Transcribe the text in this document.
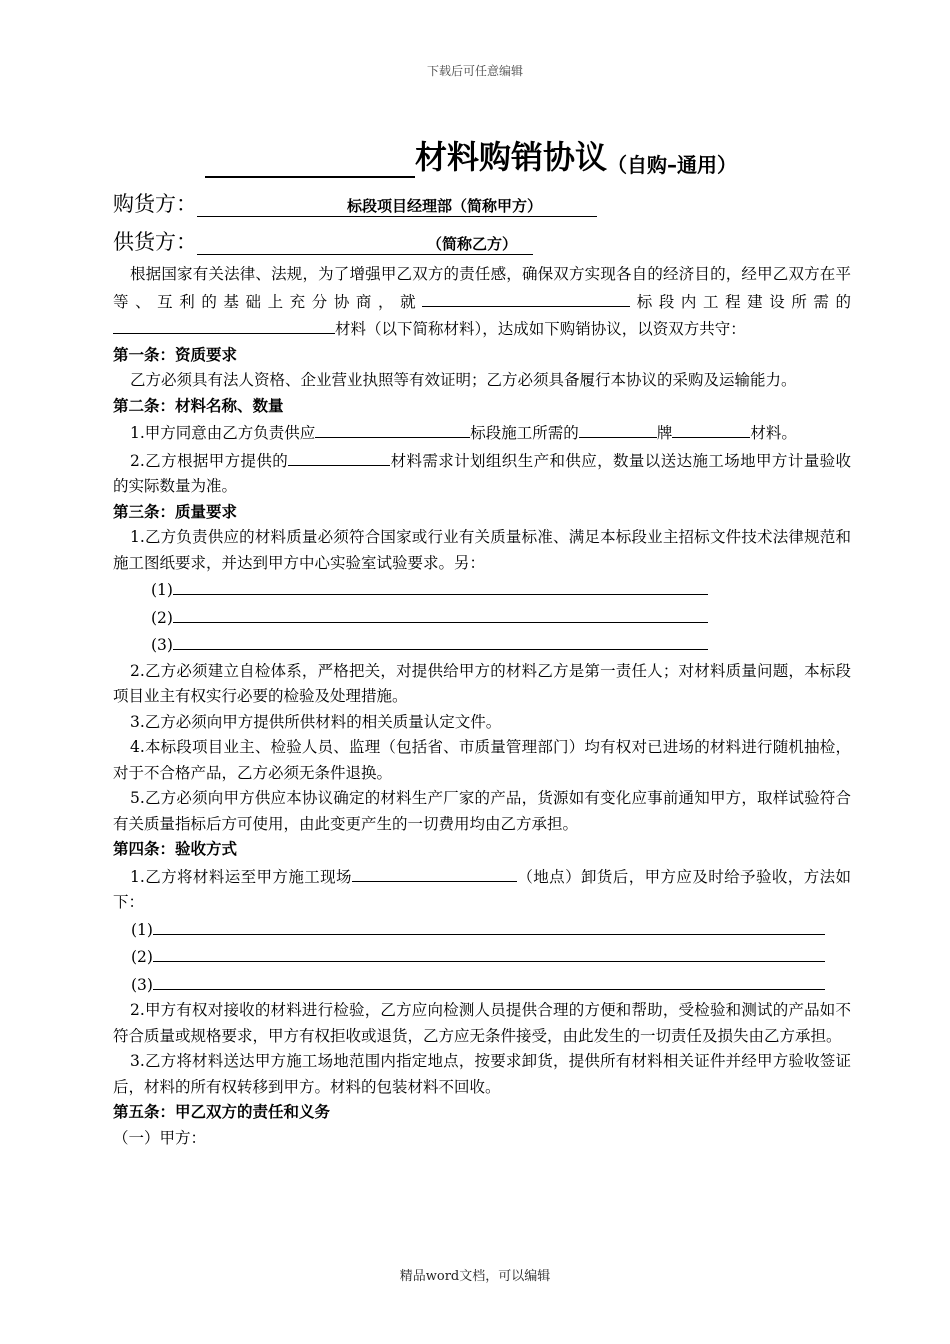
下载后可任意编辑
材料购销协议（自购–通用）
购货方：	标段项目经理部（简称甲方）
供货方：	（简称乙方）

根据国家有关法律、法规，为了增强甲乙双方的责任感，确保双方实现各自的经济目的，经甲乙双方在平等、互利的基础上充分协商，就	标段内工程建设所需的材料（以下简称材料），达成如下购销协议，以资双方共守：

第一条：资质要求

乙方必须具有法人资格、企业营业执照等有效证明；乙方必须具备履行本协议的采购及运输能力。

第二条：材料名称、数量

1.甲方同意由乙方负责供应	标段施工所需的	牌	材料。

2.乙方根据甲方提供的	材料需求计划组织生产和供应，数量以送达施工场地甲方计量验收的实际数量为准。

第三条：质量要求

1.乙方负责供应的材料质量必须符合国家或行业有关质量标准、满足本标段业主招标文件技术法律规范和施工图纸要求，并达到甲方中心实验室试验要求。另：

(1)
(2)
(3)

2.乙方必须建立自检体系，严格把关，对提供给甲方的材料乙方是第一责任人；对材料质量问题，本标段项目业主有权实行必要的检验及处理措施。

3.乙方必须向甲方提供所供材料的相关质量认定文件。

4.本标段项目业主、检验人员、监理（包括省、市质量管理部门）均有权对已进场的材料进行随机抽检，对于不合格产品，乙方必须无条件退换。

5.乙方必须向甲方供应本协议确定的材料生产厂家的产品，货源如有变化应事前通知甲方，取样试验符合有关质量指标后方可使用，由此变更产生的一切费用均由乙方承担。

第四条：验收方式

1.乙方将材料运至甲方施工现场	（地点）卸货后，甲方应及时给予验收，方法如下：

(1)
(2)
(3)

2.甲方有权对接收的材料进行检验，乙方应向检测人员提供合理的方便和帮助，受检验和测试的产品如不符合质量或规格要求，甲方有权拒收或退货，乙方应无条件接受，由此发生的一切责任及损失由乙方承担。

3.乙方将材料送达甲方施工场地范围内指定地点，按要求卸货，提供所有材料相关证件并经甲方验收签证后，材料的所有权转移到甲方。材料的包装材料不回收。

第五条：甲乙双方的责任和义务

（一）甲方：

精品word文档，可以编辑
